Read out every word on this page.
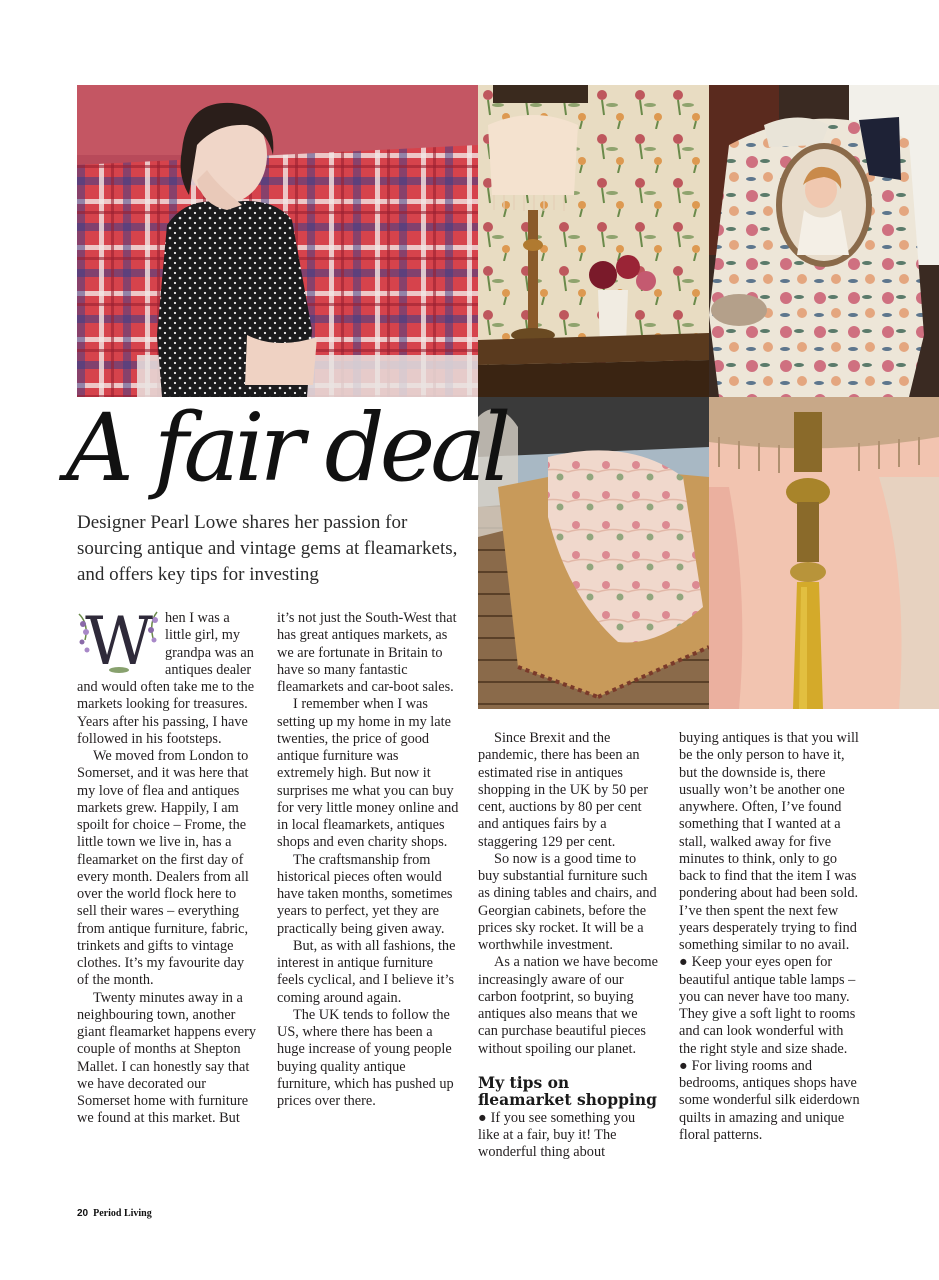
A fair deal

Designer Pearl Lowe shares her passion for sourcing antique and vintage gems at fleamarkets, and offers key tips for investing

W hen I was a little girl, my grandpa was an antiques dealer and would often take me to the markets looking for treasures. Years after his passing, I have followed in his footsteps.

We moved from London to Somerset, and it was here that my love of flea and antiques markets grew. Happily, I am spoilt for choice – Frome, the little town we live in, has a fleamarket on the first day of every month. Dealers from all over the world flock here to sell their wares – everything from antique furniture, fabric, trinkets and gifts to vintage clothes. It’s my favourite day of the month.

Twenty minutes away in a neighbouring town, another giant fleamarket happens every couple of months at Shepton Mallet. I can honestly say that we have decorated our Somerset home with furniture we found at this market. But

it’s not just the South-West that has great antiques markets, as we are fortunate in Britain to have so many fantastic fleamarkets and car-boot sales.

I remember when I was setting up my home in my late twenties, the price of good antique furniture was extremely high. But now it surprises me what you can buy for very little money online and in local fleamarkets, antiques shops and even charity shops.

The craftsmanship from historical pieces often would have taken months, sometimes years to perfect, yet they are practically being given away.

But, as with all fashions, the interest in antique furniture feels cyclical, and I believe it’s coming around again.

The UK tends to follow the US, where there has been a huge increase of young people buying quality antique furniture, which has pushed up prices over there.

Since Brexit and the pandemic, there has been an estimated rise in antiques shopping in the UK by 50 per cent, auctions by 80 per cent and antiques fairs by a staggering 129 per cent.

So now is a good time to buy substantial furniture such as dining tables and chairs, and Georgian cabinets, before the prices sky rocket. It will be a worthwhile investment.

As a nation we have become increasingly aware of our carbon footprint, so buying antiques also means that we can purchase beautiful pieces without spoiling our planet.

My tips on fleamarket shopping

● If you see something you like at a fair, buy it! The wonderful thing about

buying antiques is that you will be the only person to have it, but the downside is, there usually won’t be another one anywhere. Often, I’ve found something that I wanted at a stall, walked away for five minutes to think, only to go back to find that the item I was pondering about had been sold. I’ve then spent the next few years desperately trying to find something similar to no avail.

● Keep your eyes open for beautiful antique table lamps – you can never have too many. They give a soft light to rooms and can look wonderful with the right style and size shade.

● For living rooms and bedrooms, antiques shops have some wonderful silk eiderdown quilts in amazing and unique floral patterns.

20 Period Living
